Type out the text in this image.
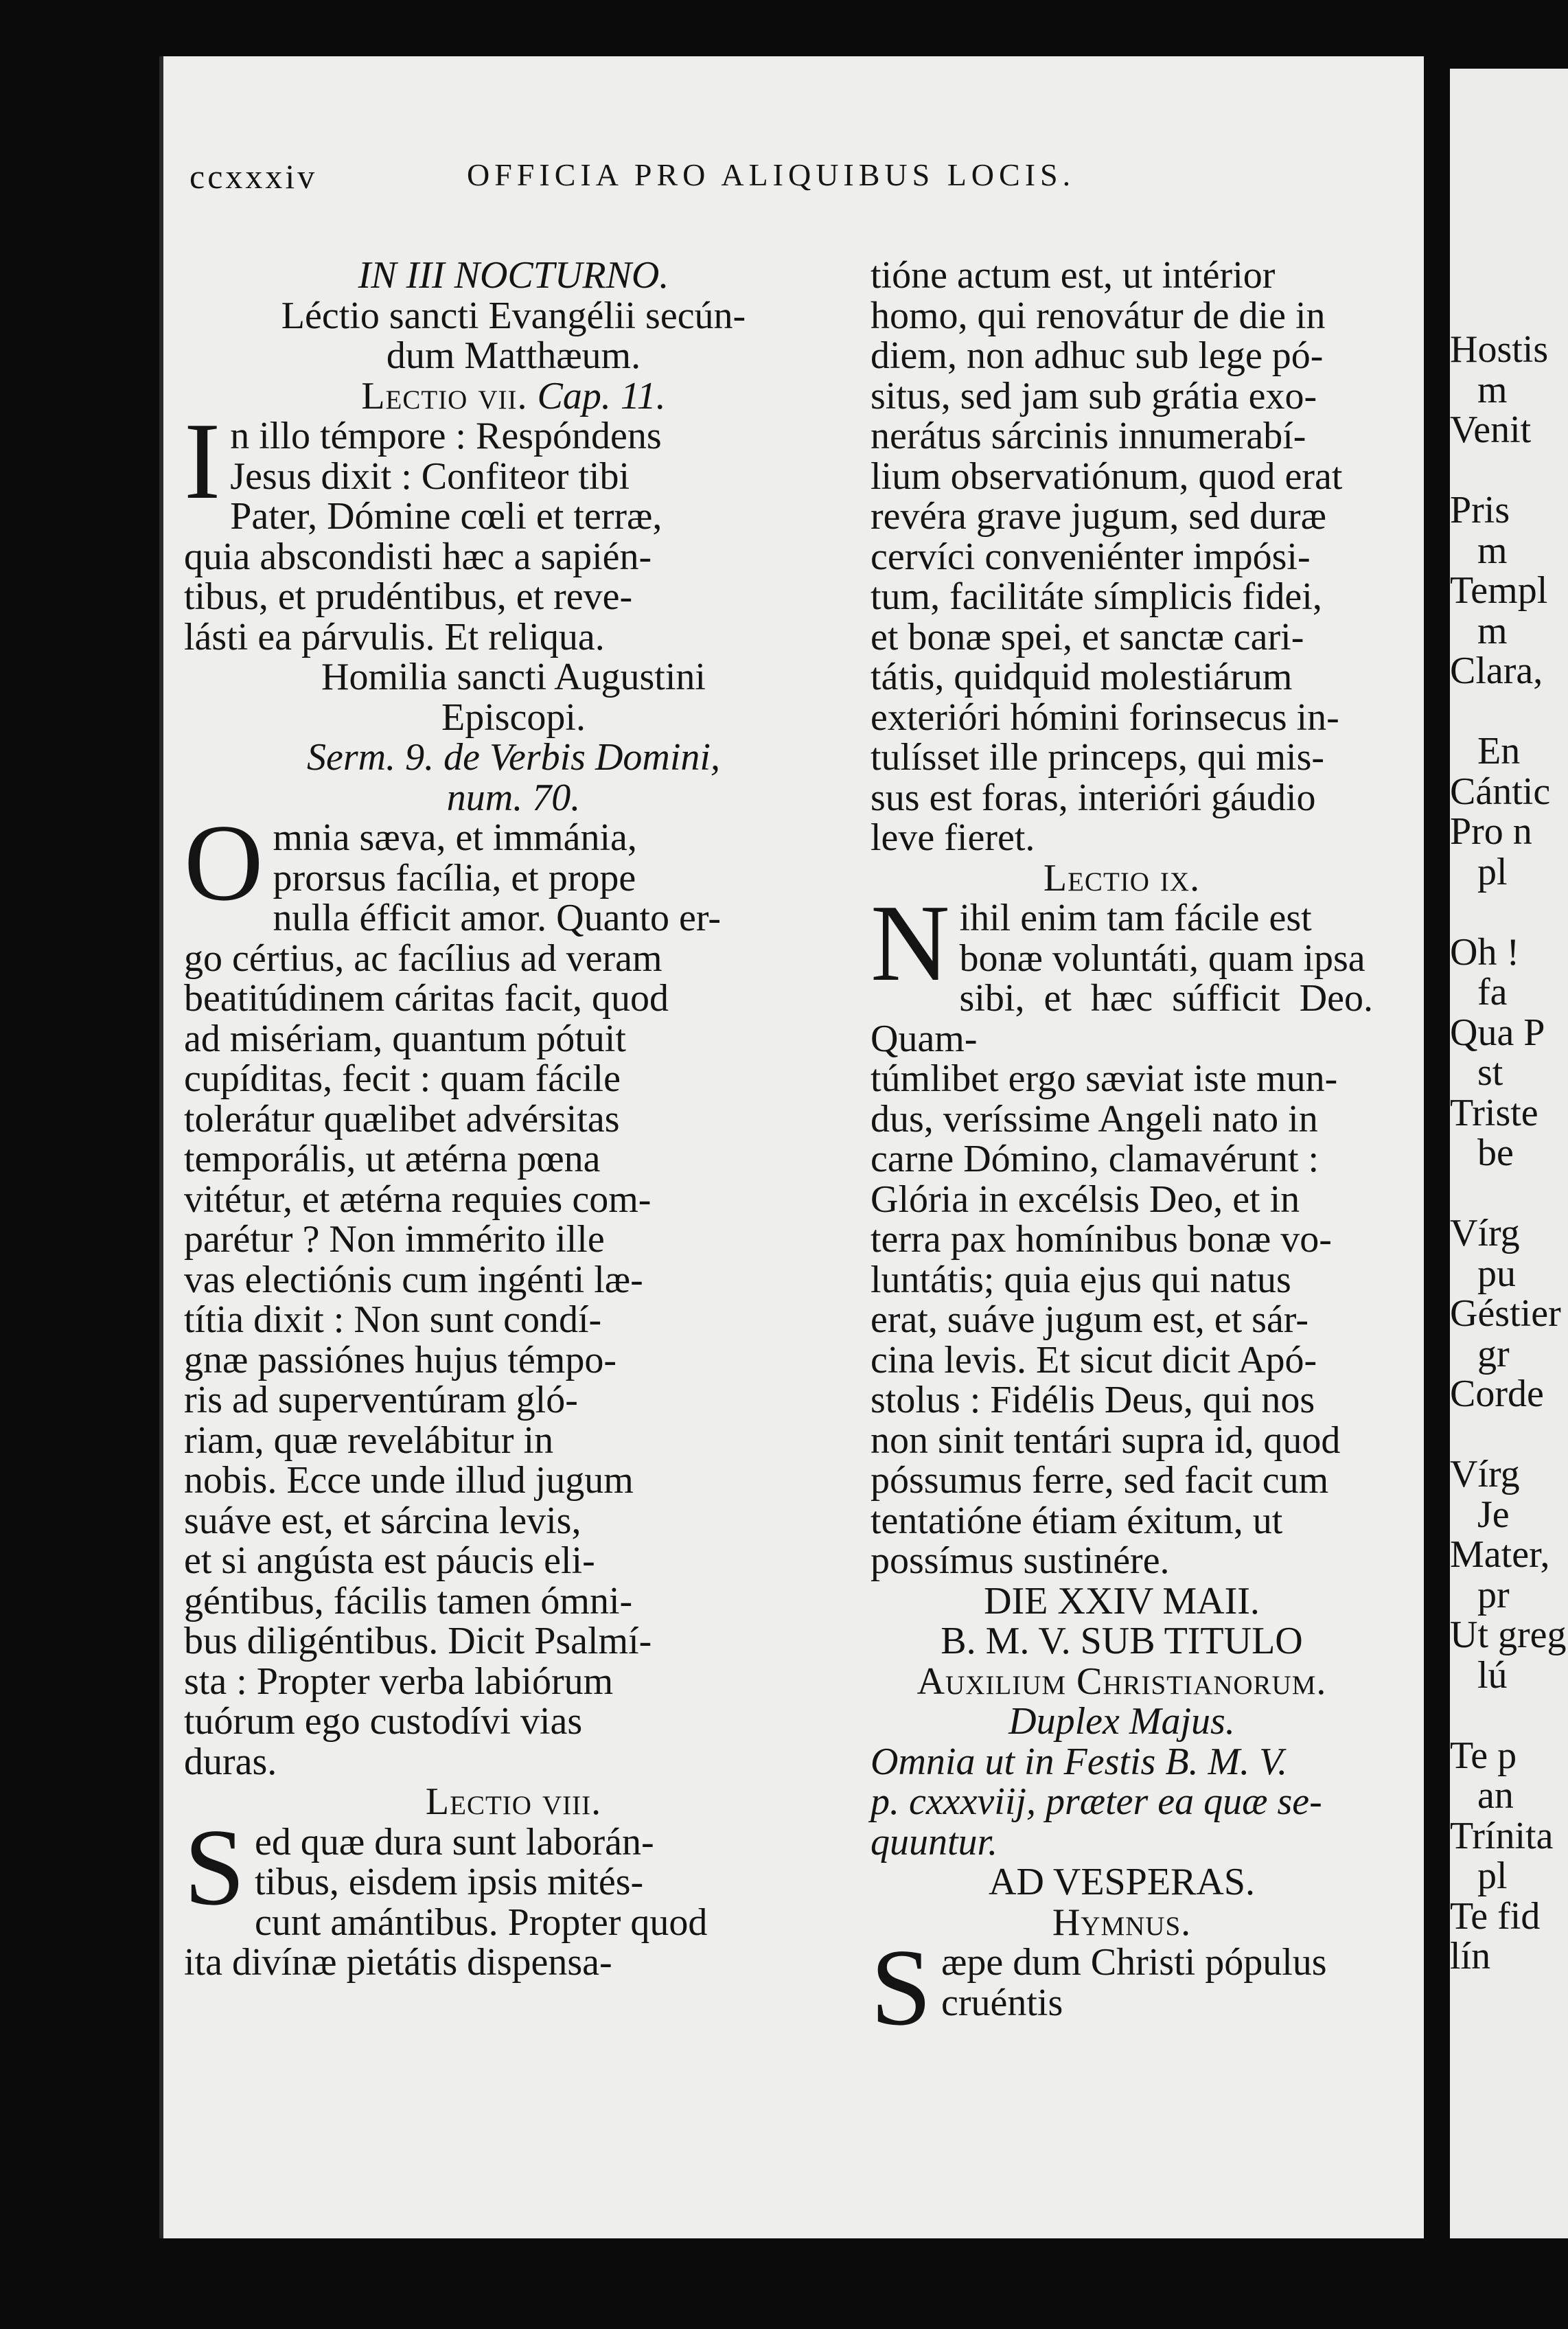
Hostis

m

Venit

Pris

m

Templ

m

Clara,

En

Cántic

Pro n

pl

Oh !

fa

Qua P

st

Triste

be

Vírg

pu

Géstier

gr

Corde

Vírg

Je

Mater,

pr

Ut greg

lú

Te p

an

Trínita

pl

Te fid

lín

ccxxxiv	OFFICIA PRO ALIQUIBUS LOCIS.

IN III NOCTURNO.

Léctio sancti Evangélii secún-

dum Matthæum.

Lectio vii. Cap. 11.

I n illo témpore : Respóndens

Jesus dixit : Confiteor tibi

Pater, Dómine cœli et terræ,

quia abscondisti hæc a sapién-

tibus, et prudéntibus, et reve-

lásti ea párvulis. Et reliqua.

Homilia sancti Augustini

Episcopi.

Serm. 9. de Verbis Domini,

num. 70.

O mnia sæva, et immánia,

prorsus facília, et prope

nulla éfficit amor. Quanto er-

go cértius, ac facílius ad veram

beatitúdinem cáritas facit, quod

ad misériam, quantum pótuit

cupíditas, fecit : quam fácile

tolerátur quælibet advérsitas

temporális, ut ætérna pœna

vitétur, et ætérna requies com-

parétur ? Non immérito ille

vas electiónis cum ingénti læ-

títia dixit : Non sunt condí-

gnæ passiónes hujus témpo-

ris ad superventúram gló-

riam, quæ revelábitur in

nobis. Ecce unde illud jugum

suáve est, et sárcina levis,

et si angústa est páucis eli-

géntibus, fácilis tamen ómni-

bus diligéntibus. Dicit Psalmí-

sta : Propter verba labiórum

tuórum ego custodívi vias

duras.

Lectio viii.

S ed quæ dura sunt laborán-

tibus, eisdem ipsis mités-

cunt amántibus. Propter quod

ita divínæ pietátis dispensa-

tióne actum est, ut intérior

homo, qui renovátur de die in

diem, non adhuc sub lege pó-

situs, sed jam sub grátia exo-

nerátus sárcinis innumerabí-

lium observatiónum, quod erat

revéra grave jugum, sed duræ

cervíci conveniénter impósi-

tum, facilitáte símplicis fidei,

et bonæ spei, et sanctæ cari-

tátis, quidquid molestiárum

exterióri hómini forinsecus in-

tulísset ille princeps, qui mis-

sus est foras, interióri gáudio

leve fieret.

Lectio ix.

N ihil enim tam fácile est

bonæ voluntáti, quam ipsa

sibi, et hæc súfficit Deo. Quam-

túmlibet ergo sæviat iste mun-

dus, veríssime Angeli nato in

carne Dómino, clamavérunt :

Glória in excélsis Deo, et in

terra pax homínibus bonæ vo-

luntátis; quia ejus qui natus

erat, suáve jugum est, et sár-

cina levis. Et sicut dicit Apó-

stolus : Fidélis Deus, qui nos

non sinit tentári supra id, quod

póssumus ferre, sed facit cum

tentatióne étiam éxitum, ut

possímus sustinére.

DIE XXIV MAII.

B. M. V. SUB TITULO

Auxilium Christianorum.

Duplex Majus.

Omnia ut in Festis B. M. V.

p. cxxxviij, præter ea quæ se-

quuntur.

AD VESPERAS.

Hymnus.

S æpe dum Christi pópulus

cruéntis
